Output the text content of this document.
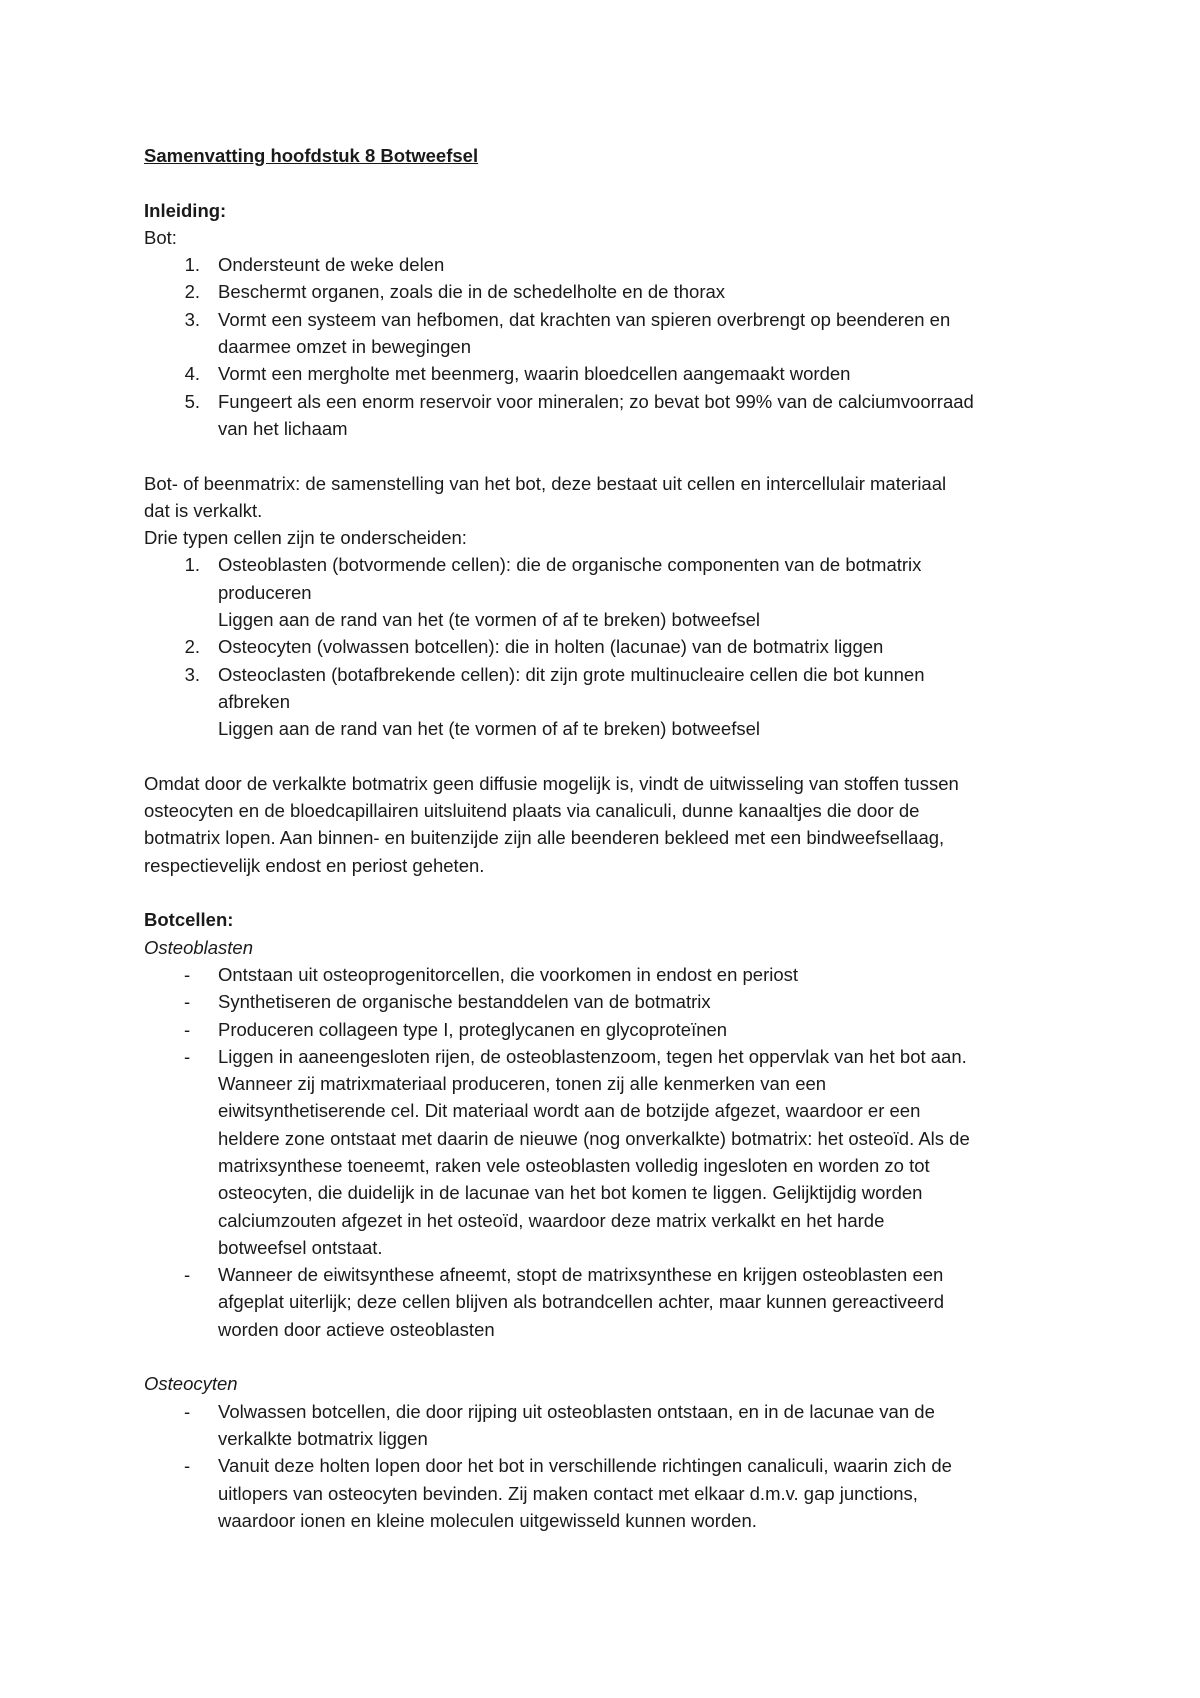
Samenvatting hoofdstuk 8 Botweefsel
Inleiding:
Bot:
1. Ondersteunt de weke delen
2. Beschermt organen, zoals die in de schedelholte en de thorax
3. Vormt een systeem van hefbomen, dat krachten van spieren overbrengt op beenderen en
daarmee omzet in bewegingen
4. Vormt een mergholte met beenmerg, waarin bloedcellen aangemaakt worden
5. Fungeert als een enorm reservoir voor mineralen; zo bevat bot 99% van de calciumvoorraad
van het lichaam
Bot- of beenmatrix: de samenstelling van het bot, deze bestaat uit cellen en intercellulair materiaal
dat is verkalkt.
Drie typen cellen zijn te onderscheiden:
1. Osteoblasten (botvormende cellen): die de organische componenten van de botmatrix
produceren
Liggen aan de rand van het (te vormen of af te breken) botweefsel
2. Osteocyten (volwassen botcellen): die in holten (lacunae) van de botmatrix liggen
3. Osteoclasten (botafbrekende cellen): dit zijn grote multinucleaire cellen die bot kunnen
afbreken
Liggen aan de rand van het (te vormen of af te breken) botweefsel
Omdat door de verkalkte botmatrix geen diffusie mogelijk is, vindt de uitwisseling van stoffen tussen
osteocyten en de bloedcapillairen uitsluitend plaats via canaliculi, dunne kanaaltjes die door de
botmatrix lopen. Aan binnen- en buitenzijde zijn alle beenderen bekleed met een bindweefsellaag,
respectievelijk endost en periost geheten.
Botcellen:
Osteoblasten
-	Ontstaan uit osteoprogenitorcellen, die voorkomen in endost en periost
-	Synthetiseren de organische bestanddelen van de botmatrix
-	Produceren collageen type I, proteglycanen en glycoproteïnen
-	Liggen in aaneengesloten rijen, de osteoblastenzoom, tegen het oppervlak van het bot aan.
Wanneer zij matrixmateriaal produceren, tonen zij alle kenmerken van een
eiwitsynthetiserende cel. Dit materiaal wordt aan de botzijde afgezet, waardoor er een
heldere zone ontstaat met daarin de nieuwe (nog onverkalkte) botmatrix: het osteoïd. Als de
matrixsynthese toeneemt, raken vele osteoblasten volledig ingesloten en worden zo tot
osteocyten, die duidelijk in de lacunae van het bot komen te liggen. Gelijktijdig worden
calciumzouten afgezet in het osteoïd, waardoor deze matrix verkalkt en het harde
botweefsel ontstaat.
-	Wanneer de eiwitsynthese afneemt, stopt de matrixsynthese en krijgen osteoblasten een
afgeplat uiterlijk; deze cellen blijven als botrandcellen achter, maar kunnen gereactiveerd
worden door actieve osteoblasten
Osteocyten
-	Volwassen botcellen, die door rijping uit osteoblasten ontstaan, en in de lacunae van de
verkalkte botmatrix liggen
-	Vanuit deze holten lopen door het bot in verschillende richtingen canaliculi, waarin zich de
uitlopers van osteocyten bevinden. Zij maken contact met elkaar d.m.v. gap junctions,
waardoor ionen en kleine moleculen uitgewisseld kunnen worden.
